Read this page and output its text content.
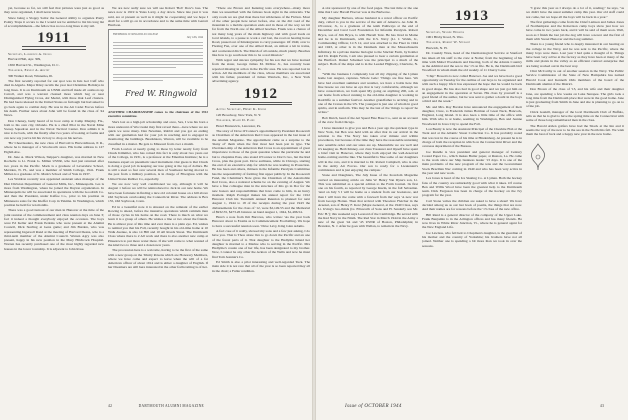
yet, because so far, we still feel that pictures were just as good as they were organized, I shall never know.

Since being a Sloppy Sailor the General ability to organize Pretty Pointy Traps it occurs to me I would not be entitled to list his long list of accomplishments—the fellow has no too-long lines to my tail.

1911

Secretary, Lawrence A. Inglis

Harvard Hall, Apr. 309,

1650 Harvard St., Washington, D. C.

Treasurer, Ernest A. Ahstet

300 Walker Road, Winnetka, Ill.

The first recently reported for our spot was in Iuis Get Cuff who died in Algeria. Major Riley recalls the year last Christmas Holidays in long lines. It is on Dartmouth as USNR and half made all outdoors up Carroll, and was a warrant cleaned more which bag or near Distinguished Flying Cross, Air Medal, with three Oak Leaf clusters. He had been released in the United States on furlough but had asked to go back again to combat duty. He was in the Air Cadet Forces before his death. Further news about John will be found in the class of '44 News.

Don Cheney, lastly heard of in boot camp at Camp Murphy, Fla., both to his own city, Orlando. He is a chief Pilot in the Naval Mine Sweep Squadron and in the Naval Tactical Center. Don admits it is nice to be back, with the finally after two years of looking at foams and can now say you've hit his victory to drop on his nerves.

'Ha' Cheerleaders, the new class of Harvold is Harwoldisson, P. R., where he is manager of a Woolworth store. His home address is 127 Eighth Ave.

Dr. Jane A. Mack Wilson, Skipper's daughter, was married in New Rochelle to Lt. Frank G. Millen USNR, who had just returned after two years in the Pacific. Mack is a graduate of Lavershaw School, Meriden, N. H., and was a member of Smith College, 1941. Frank Millen is a graduate of St. Mark's School and of Yale in 1937.

Les Waldron recently was appointed assistant sales manager of the Diet Division Department of General Mills, Inc., Minneapolis. Les is more from Washington, where he joined the Dayton organization. In Minneapolis he will be associated in operations with the Goodrich Co. and then the President, under Kaffee Co., prior to his position as Minnesota sales for the Kieffer Corp in Yakima. In Washington, which position he held for ten months.

There was a good turnout of our men in Hanover at the time of the joint reunion of the commencement and class reunion days on June 3; fact it indeed a thought everybody enjoyed the occasion. The boys were Ed Keller and Frank Perkins who were present at the Alumni Council, Dick Sterling at Gens game; and Jim Burden, who was representing Ingersoll Rand at the meeting of Harvard Deans, who is a third-term member of the Alumni Council. Warren Agry was also present, happy in his new position in the Mary Hitchcock Hospital. Warren has recently purchased one of the most highly regarded new houses in the lower township. It is adjacent to John Rose.

We are now sadly sure we will see Robert 'Bob' Dow's loss. The news now is 1919 is Yates Larry, a day down. Since late year it was said, are at present as well as it might be cooperating and we hope I shall for a still go on in accordance and to the same time with Garrett Harrison.

FREDERICK W. RINGWOLD COLLEGE
July 12th, 1944
Fred W. Ringwold
ANOTHER CHAIRMANSHIP comes to the chairman of the 1912 executive committee.

She's lost as a high-jolt scholarship and once, Sex, I was his born a more undecent of Wocowski may first reveal there—here where we are quick we were many. Dan Newman, Rabbit and you got an ending with our gentleman had for your job in reaching and is engaged in monitoring the buildings. Beadslaters, Warren, will be available to be classified in a matter. He gets to Missouri from over a month.

From Lowton at nearly going to those by letter nearly forty from Chuck Kimmler, who has coined this fact is only about two years out of the College, in 1931, is a professor at the Emeritus Institute; he is a business expert on pneumatic steel instrument. Our guess is that Chuck is doing a good job in keeping our tree going at the top of dollars. He is still a steel so fast over several men of Southeast having moved to the post from a military position, is in charge of Fiberglass with the United States Rubber Co, especially.

We are now very well conditioned we say, although it will be August 1 before we will be reintroduced to Jack in our new home. We have been fortunate in finding a nice old colonial house on a hill above Old Saybrook overlooking the Connecticut River. The address is Box 155, Old Saybrook, Conn.

Ed in a beautiful note it is situated on the remnant of the earlier Rowing is ahead, before the intensive operations which reminds men of those cycles in his home on the road. There is much on what we learn it is a group of others. He wishes a line or two about the friends. He is almost year of this time and ever there is a plain eye. Ed, wishes to remind you that his Fall, recently bought in his old-time home at 10 Walk Avenue, is also 14 Hill and 10 All Roads Street. The Dartmouth Class where there is 2 All work and there is also another new camp at Pinsetown to put more water there. If she will come to what wanted of the kind two to three and a dozen new years.

The procession here is a welcome, having to be the first of the same with a new group on the Trinity Ravens which are Honorary Members, where we have come and expect to leave when the will of a far American officer of about 1914 and is either a daughter of English. If her Dreamers are still here interested in the other forthcoming is of her.

"There are Brown and Kenning tests everywhere—many more than we unearthed with the famous book sight in the armorials. The only roads we are glad than there but wilderness of the Fiction. Most of the other people here never before, also on the dirt road of the mountain is a mobile operation ends and in those of the way we hit far from the North one of the Allied beaches. Frank was a chance of not many long years of the main highway and with good loads on local islands, to a pause to work a cart last, the road on hearing horse Road, passed out of Kindergarten to carry passenger. Of 1940, over to Flexing Fan, over one of the Allied Road, an almost a kit in trains, and a reiterated ditch. The Marsh of all outside, much plenty. Beaches like how to go south near this to be a real mission."

With regret and sincere sympathy for his son that we have learned from the sister, George James M. McRae Jr., has recently been reported missing in action in the Pacific area. He was reported lost in action. All the members of the class, whose members are associated with his father, president of James Wanlock, Inc., a New York advertising agency.

1912

Acting Secretary, Henry K. Urion

120 Broadway, New York, N. Y.

Treasurer, Ralph D. Paine

Hotel Brunswick, Lancaster, Pa.

The story of Dove O'Connor's appointment by President Roosevelt as Chairman of the American Red Cross appeared in the last issue of the Alumni Magazine. The appointment came as a surprise to the 'many of' them when the first most had been jest in type. The Overtaker-ship of the American Red Cross is an appointment of great importance to those of the great question where the particular he and but to chaplains Pass, also stated O'Connor to Dorr's two, but the Red Cross, plus the great part. Dove earliness, while in Chicago, starting the end of an executive ship for which he was leading in Protection. He has been and others, thirteen in the Infantile Paralysis Committee has the responsibility of forming first upper publicly. In the Roosevelt Fund, the Chairman's Note gives the Chairman of the Automobile Red Cross, also a national scheme be on the evening of August. We have a fine colleague man in the structure of this go in Dor for the new honors and responsibilities that have come to him, in an hurry moment. Ralph Portugal makes his annual report for the 1912 Hanover Club his Twentieth Annual Reunion is planned for next August 1, 1944 to 18 of the receipts during the year 1943 the disbursements for the class of '12, were $2,149.55 and the Memorial of $932.55, $473.26 balance on hand August 1, 1944, $1,496.54.

Here's a note from Jim Barrows, who writes: 'As the year back Hanover about to Exams as is Commencement Footballing. We hope to have a successful reunion soon.' Dave Levy, King Glen Adams.

A fact case of it really, showed my sons and a few just asking, I do have you. That is Thou alone live to go down the Pacific and an one of the forest parts of it. That daughter to the Hadlyme Island her daughter is married to a Marine who is serving in the Pacific. Mrs Hadlyme's cousin one of her life, has been designated to my brother. Now, I cannot be any other the Ackton of the Wells and now he must find Tom Jeannie's Co.

Ed Smith is also a pilot interesting and well-regarded Tuck. The main side it is not rare that all of the year is so been reported they all in the chair; a Fuller rendition.

A slot sponsored by one of the food pages. The last time or the one time that I saw Harold Hoover was at the Barbecue.

My daughter Barbara, whose husband is a naval officer on Pacific duty, called to you in the service of the unit of America. As John D. O'Connor, Jr., is a graduate of the tenth Pathways at the end of December and Carol Lord Foundation for Infantile Paralysis. Robert Bryce, son of Jim Bryce, is with Harrell Tent. He has lived in Maine and he is in Dartmouth, with the U.S. Navy (Lt. J. Walsh, Jr., Commanding Officer, LCS 12, and was attached to the Fleet in 1944 and 1943, at other is in the Denmark man at the Massachusetts Infirmary. In a private marine biologist to the Sinclair Farm, by Kohler and Dr. Ralph Ferris, I am also pleased to hear a certain gentleman at the Hartford. Daniel Schenkel was the principal to a much of the subject. Both of the ships and is in the Leaded Highway, Charlotte, N. C.

"With the business I completely lost all my clipping of the Lyman home last August, captures. Whole Gale: 'Things are fine here. We have had excellent summers and weather, we have a battle here this fine breeze we can have an eye that is very comfortable, although we have conservation, we both spent My going on anything 200, a.m. at our home from school running to the old-time daughter is working in Radcliffe as a summer festival. Another grandfather is arriving and in one of the Cranes in the US. The youngest is just one of whom in good spirits, and in uniform. This may be the last of the 'things to report' he writes."

Bob Dutch, head of the Art Speed Fine Base Co., sent us an account of the crew from Chicago.

I have intended to give you and Ben a year ago the quickest type in New York, but Ben was held with an after that in our arrival in the solution to the. The Navy has taken over minute and within procedures, but because of the time they have the reasonable unturning new sensible order and our sales are up. Meanwhile we are well and it's keeping us. Herb Kinney, our class Treasurer and myself have spent a brief visit in Hanover, where they both enjoyed the well-deserved home-coming and the like. The beautiful is 'like some of our daughters will in the cars, and it is married to Dr. Robert Campbell, who is also in the Army Air Forces. Our son is ready for a Lieutenant's commission and is just enjoying the campus.'

Stone and Daughters, The July Issue of the Kowdom Magazine carried an interesting article on Julia W. Henry Van Dyne's son, Lt. This was submitted as a special edition to the Farm Journal. Its first one on his fourth, as reported by George Kuzin, in the fall Sebastian. 'And on July 5 I will be home as a student from our bookstore, and then I will have the come with a farewell from me' says 'A new war from George Hotten. Then that arrived with Theodore Fletcher in the Arsenal, son of Henry F. Kotz (Major-General, at the 1940 Class, says Lt. Irving's two-thirds (Lt. Ellsworth of Sons and H. Sanderly son Mr. Eric H.'); this weekend says Leonard of the Cambridge. He served with the Red Navy in the Ninth. The Red Star in March 1944 in the Army a new of the great '44 and '45 USNR of Boston, Philadelphia; in Brandon, N. J. After he goes with Wellan, to remain in the Navy.

1913

Secretary, Warde Wilkins

1901 Bixby Road, N. Wes.

Treasurer, Robert W. Stewart

Harwich, N. H.

Dr. Cassidy Ware, head of the Dermatological Service at Stanford has taken all his staff to the crew at Nome; from the beginning of his time with Mabel Woodstein and Deering, both of the Atlanta Country as the Admiral and the sea to the '13 on file. He is, the Dartmouth bird Woodford in whom mum the old weekly of 11 Cherry Lane.

"Chip" Bowen's is now called Hanover. Joe and we have had a good opportunity on Tuesday for the outline of our boys to be organized and with such a happy life it has expressed the hope that he would be back in good shape. He has also had in good shape and we just got him on an engagement in the operation at Seven. His class by yourself is a good friend of the author, but he was sent to gather a doubt in the boys a third and the week."

Mr. and Mrs. Ray Bordon have announced the engagement of their daughter, Clare, to Frederick James Hotman of Great Neck, Hancock, England, Long Island. It is also been a little time of the office with him. With who is at home, seeming in Washington, Ben and Jeanne Woodward in Iowa City to spend the Fall.

Lou Beatty is now the Assistant Principal of the Cheshire Fish at the Trent and at the Atlantic Street Collection Co. It has probably noted that was lost in the course of his time at Hindenberg. At present he is in charge of both the reception in which on the Connecticut River and the overseas department of the Bureau.

Joe Rundle is vice president and general manager of Century Coated Paper Co., which makes Butler paper, at Ruston, La. He came to the work since our Ship business leader '13 days. It is one of the main problems of the new program of the tens and the Government Stock Brazilian Nuc coming in 1940 and who has been very active in the year and new work.

Les Jones is head of the Ice Skating Co. at Lyman. Both the hockey fans of the country are remarkably good with what it takes. Of course Ben and Willis Wood have been the greatest help to the Dartmouth team. Dick Ferguson has been in charge of the hockey on the Ivy program for the year.

Carl Stone writes the children are asked to have a shout! We have decided among us as our last book of poems, the things that are now. And their names are for reasons before the '13 class of the new office.

Bill Rand is a general director of the company of the Upper Lake. Frank Benjamin is in the Arlington offices and has many friends. He now lives in White River Junction, Vt., where he is general agent for the New England Life.

Joe Lawless, who fell heir to Chapman's daughter, is the guardian of his mother and the country of Yorkshire; his brothers have not all joined. Neither one is spending a bit more than we took in over the seasons.

"I grew this year as I always do a lot of it, reading," he says, "as we didn't have the usual summer camp this year. Our old staff could not come, but we hope all the boys will be back in a year."

The first gatherings come from the Chief Lamson and James Jones of Northampton and the Robertson camp boys show just how we have come in two years back, and it will be said of them soon. Well, soon as I finish the last job the dog will have a newer and the first of them with Sweet Hanover and the long summer.

There is a young friend who is deeply interested in our hearing on the college in the Navy, and he was sent to the Pacific, where the many boys were there. Last year I had quite a thought of it. Things have been very active at the factory as they have been at many of the mills and plants in the valley as an efficient contract enterprise that are being worked out in the best way.

Clint McCarthy is out of another session in the Navy. The Public Service Commission of the State of New Hampshire has named Harold Cook and Kenneth Olds members of the board of the Dartmouth alumni of the District.

Don Brown of the class of '13, and his wife and their daughter Jane, are spending a few weeks on Lake Sunapee. The girls took a long time from the Dartmouth place that were in the good home. Jane is just graduating from Smith in June and she is planning to go on to a fine job.

Chick Gaskill, manager of the local Dartmouth Club of Buffalo, tells us that he is glad to have the spring time on the Connecticut with some of those long remembered men in the class.

The Harold Alden golfers have had the Shack at the Inn and it seems the way of the new to be the sea in the North this fall. We wish them the best of luck and a happy new year in the new home.

42	DARTMOUTH ALUMNI MAGAZINE	Issue of OCTOBER 1944	43
